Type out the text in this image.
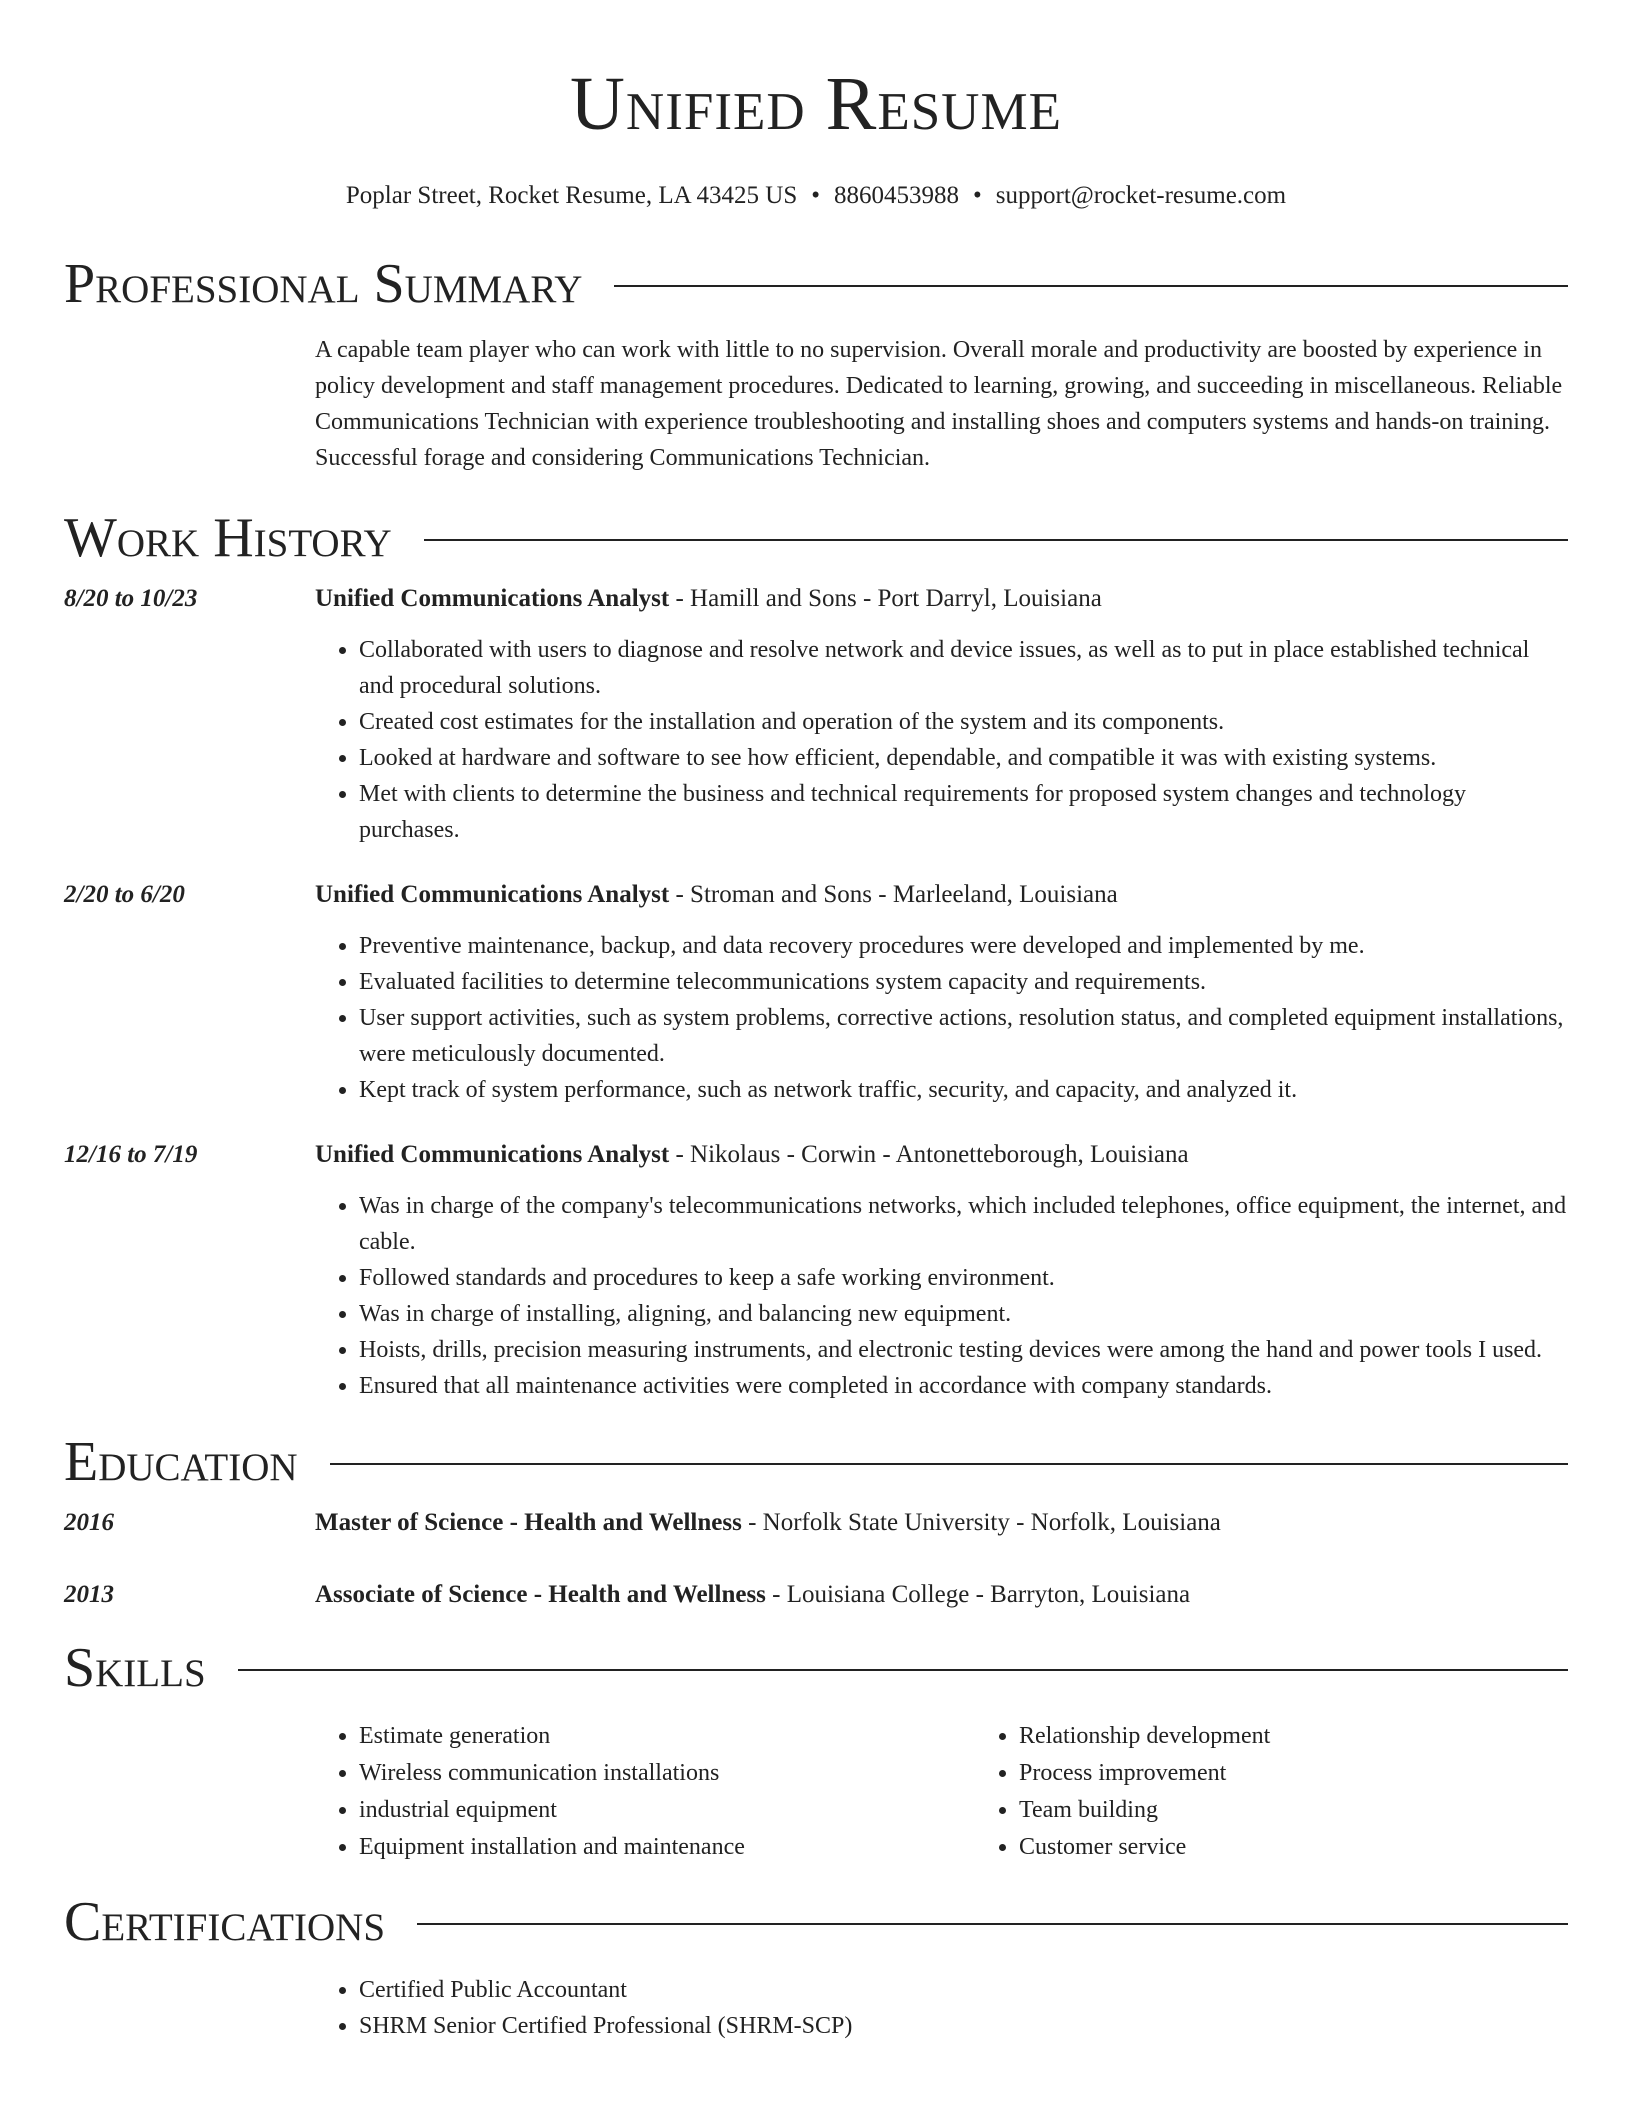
Unified Resume
Poplar Street, Rocket Resume, LA 43425 US • 8860453988 • support@rocket-resume.com
Professional Summary

A capable team player who can work with little to no supervision. Overall morale and productivity are boosted by experience in policy development and staff management procedures. Dedicated to learning, growing, and succeeding in miscellaneous. Reliable Communications Technician with experience troubleshooting and installing shoes and computers systems and hands-on training. Successful forage and considering Communications Technician.

Work History
8/20 to 10/23	Unified Communications Analyst - Hamill and Sons - Port Darryl, Louisiana
• Collaborated with users to diagnose and resolve network and device issues, as well as to put in place established technical and procedural solutions.
• Created cost estimates for the installation and operation of the system and its components.
• Looked at hardware and software to see how efficient, dependable, and compatible it was with existing systems.
• Met with clients to determine the business and technical requirements for proposed system changes and technology purchases.
2/20 to 6/20	Unified Communications Analyst - Stroman and Sons - Marleeland, Louisiana
• Preventive maintenance, backup, and data recovery procedures were developed and implemented by me.
• Evaluated facilities to determine telecommunications system capacity and requirements.
• User support activities, such as system problems, corrective actions, resolution status, and completed equipment installations, were meticulously documented.
• Kept track of system performance, such as network traffic, security, and capacity, and analyzed it.
12/16 to 7/19	Unified Communications Analyst - Nikolaus - Corwin - Antonetteborough, Louisiana
• Was in charge of the company's telecommunications networks, which included telephones, office equipment, the internet, and cable.
• Followed standards and procedures to keep a safe working environment.
• Was in charge of installing, aligning, and balancing new equipment.
• Hoists, drills, precision measuring instruments, and electronic testing devices were among the hand and power tools I used.
• Ensured that all maintenance activities were completed in accordance with company standards.
Education
2016	Master of Science - Health and Wellness - Norfolk State University - Norfolk, Louisiana
2013	Associate of Science - Health and Wellness - Louisiana College - Barryton, Louisiana
Skills
• Estimate generation
• Wireless communication installations
• industrial equipment
• Equipment installation and maintenance
• Relationship development
• Process improvement
• Team building
• Customer service
Certifications
• Certified Public Accountant
• SHRM Senior Certified Professional (SHRM-SCP)
